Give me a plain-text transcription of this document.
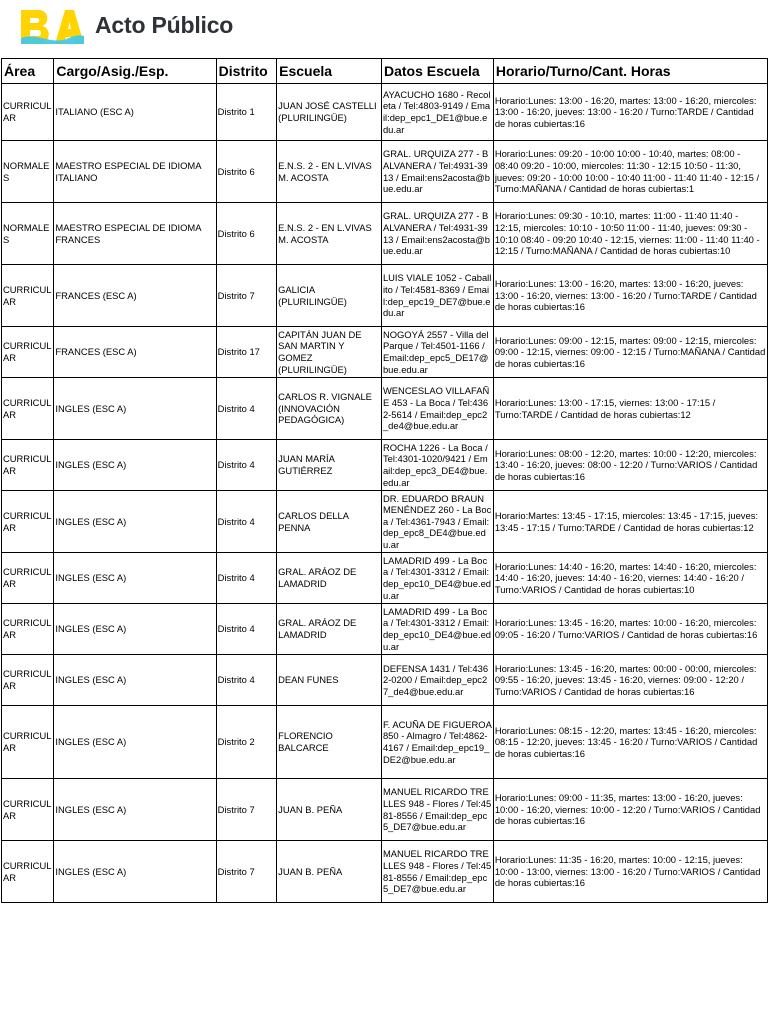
Acto Público
Área	Cargo/Asig./Esp.	Distrito	Escuela	Datos Escuela	Horario/Turno/Cant. Horas
CURRICULAR	ITALIANO (ESC A)	Distrito 1	JUAN JOSÉ CASTELLI (PLURILINGÜE)	AYACUCHO 1680 - Recoleta / Tel:4803-9149 / Email:dep_epc1_DE1@bue.edu.ar	Horario:Lunes: 13:00 - 16:20, martes: 13:00 - 16:20, miercoles: 13:00 - 16:20, jueves: 13:00 - 16:20 / Turno:TARDE / Cantidad de horas cubiertas:16
NORMALES	MAESTRO ESPECIAL DE IDIOMA ITALIANO	Distrito 6	E.N.S. 2 - EN L.VIVAS M. ACOSTA	GRAL. URQUIZA 277 - BALVANERA / Tel:4931-3913 / Email:ens2acosta@bue.edu.ar	Horario:Lunes: 09:20 - 10:00 10:00 - 10:40, martes: 08:00 - 08:40 09:20 - 10:00, miercoles: 11:30 - 12:15 10:50 - 11:30, jueves: 09:20 - 10:00 10:00 - 10:40 11:00 - 11:40 11:40 - 12:15 / Turno:MAÑANA / Cantidad de horas cubiertas:1
NORMALES	MAESTRO ESPECIAL DE IDIOMA FRANCES	Distrito 6	E.N.S. 2 - EN L.VIVAS M. ACOSTA	GRAL. URQUIZA 277 - BALVANERA / Tel:4931-3913 / Email:ens2acosta@bue.edu.ar	Horario:Lunes: 09:30 - 10:10, martes: 11:00 - 11:40 11:40 - 12:15, miercoles: 10:10 - 10:50 11:00 - 11:40, jueves: 09:30 - 10:10 08:40 - 09:20 10:40 - 12:15, viernes: 11:00 - 11:40 11:40 - 12:15 / Turno:MAÑANA / Cantidad de horas cubiertas:10
CURRICULAR	FRANCES (ESC A)	Distrito 7	GALICIA (PLURILINGÜE)	LUIS VIALE 1052 - Caballito / Tel:4581-8369 / Email:dep_epc19_DE7@bue.edu.ar	Horario:Lunes: 13:00 - 16:20, martes: 13:00 - 16:20, jueves: 13:00 - 16:20, viernes: 13:00 - 16:20 / Turno:TARDE / Cantidad de horas cubiertas:16
CURRICULAR	FRANCES (ESC A)	Distrito 17	CAPITÁN JUAN DE SAN MARTIN Y GOMEZ (PLURILINGÜE)	NOGOYÁ 2557 - Villa del Parque / Tel:4501-1166 / Email:dep_epc5_DE17@bue.edu.ar	Horario:Lunes: 09:00 - 12:15, martes: 09:00 - 12:15, miercoles: 09:00 - 12:15, viernes: 09:00 - 12:15 / Turno:MAÑANA / Cantidad de horas cubiertas:16
CURRICULAR	INGLES (ESC A)	Distrito 4	CARLOS R. VIGNALE (INNOVACIÓN PEDAGÓGICA)	WENCESLAO VILLAFAÑE 453 - La Boca / Tel:4362-5614 / Email:dep_epc2_de4@bue.edu.ar	Horario:Lunes: 13:00 - 17:15, viernes: 13:00 - 17:15 / Turno:TARDE / Cantidad de horas cubiertas:12
CURRICULAR	INGLES (ESC A)	Distrito 4	JUAN MARÍA GUTIÉRREZ	ROCHA 1226 - La Boca / Tel:4301-1020/9421 / Email:dep_epc3_DE4@bue.edu.ar	Horario:Lunes: 08:00 - 12:20, martes: 10:00 - 12:20, miercoles: 13:40 - 16:20, jueves: 08:00 - 12:20 / Turno:VARIOS / Cantidad de horas cubiertas:16
CURRICULAR	INGLES (ESC A)	Distrito 4	CARLOS DELLA PENNA	DR. EDUARDO BRAUN MENÉNDEZ 260 - La Boca / Tel:4361-7943 / Email:dep_epc8_DE4@bue.edu.ar	Horario:Martes: 13:45 - 17:15, miercoles: 13:45 - 17:15, jueves: 13:45 - 17:15 / Turno:TARDE / Cantidad de horas cubiertas:12
CURRICULAR	INGLES (ESC A)	Distrito 4	GRAL. ARÁOZ DE LAMADRID	LAMADRID 499 - La Boca / Tel:4301-3312 / Email:dep_epc10_DE4@bue.edu.ar	Horario:Lunes: 14:40 - 16:20, martes: 14:40 - 16:20, miercoles: 14:40 - 16:20, jueves: 14:40 - 16:20, viernes: 14:40 - 16:20 / Turno:VARIOS / Cantidad de horas cubiertas:10
CURRICULAR	INGLES (ESC A)	Distrito 4	GRAL. ARÁOZ DE LAMADRID	LAMADRID 499 - La Boca / Tel:4301-3312 / Email:dep_epc10_DE4@bue.edu.ar	Horario:Lunes: 13:45 - 16:20, martes: 10:00 - 16:20, miercoles: 09:05 - 16:20 / Turno:VARIOS / Cantidad de horas cubiertas:16
CURRICULAR	INGLES (ESC A)	Distrito 4	DEAN FUNES	DEFENSA 1431 / Tel:4362-0200 / Email:dep_epc27_de4@bue.edu.ar	Horario:Lunes: 13:45 - 16:20, martes: 00:00 - 00:00, miercoles: 09:55 - 16:20, jueves: 13:45 - 16:20, viernes: 09:00 - 12:20 / Turno:VARIOS / Cantidad de horas cubiertas:16
CURRICULAR	INGLES (ESC A)	Distrito 2	FLORENCIO BALCARCE	F. ACUÑA DE FIGUEROA 850 - Almagro / Tel:4862-4167 / Email:dep_epc19_DE2@bue.edu.ar	Horario:Lunes: 08:15 - 12:20, martes: 13:45 - 16:20, miercoles: 08:15 - 12:20, jueves: 13:45 - 16:20 / Turno:VARIOS / Cantidad de horas cubiertas:16
CURRICULAR	INGLES (ESC A)	Distrito 7	JUAN B. PEÑA	MANUEL RICARDO TRELLES 948 - Flores / Tel:4581-8556 / Email:dep_epc5_DE7@bue.edu.ar	Horario:Lunes: 09:00 - 11:35, martes: 13:00 - 16:20, jueves: 10:00 - 16:20, viernes: 10:00 - 12:20 / Turno:VARIOS / Cantidad de horas cubiertas:16
CURRICULAR	INGLES (ESC A)	Distrito 7	JUAN B. PEÑA	MANUEL RICARDO TRELLES 948 - Flores / Tel:4581-8556 / Email:dep_epc5_DE7@bue.edu.ar	Horario:Lunes: 11:35 - 16:20, martes: 10:00 - 12:15, jueves: 10:00 - 13:00, viernes: 13:00 - 16:20 / Turno:VARIOS / Cantidad de horas cubiertas:16
